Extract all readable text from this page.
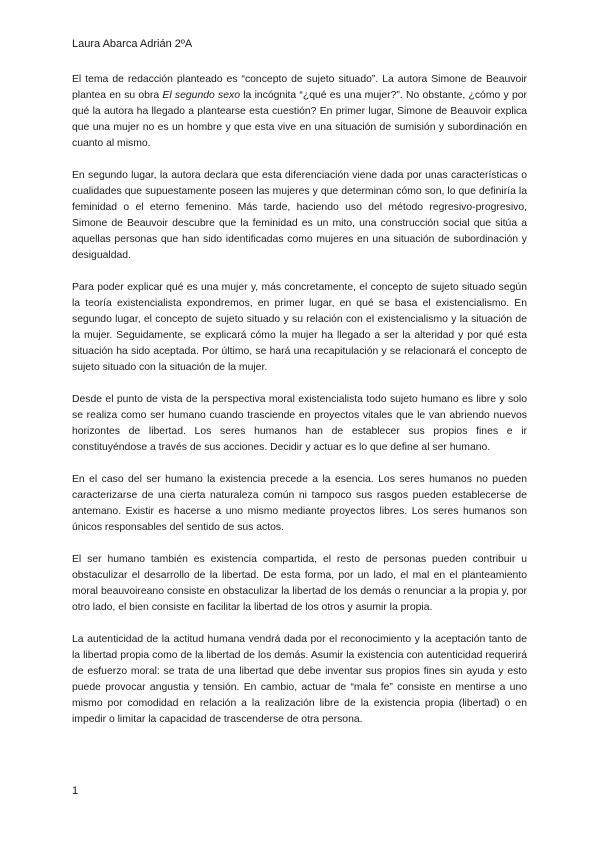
Laura Abarca Adrián 2ºA

El tema de redacción planteado es “concepto de sujeto situado”. La autora Simone de Beauvoir plantea en su obra El segundo sexo la incógnita “¿qué es una mujer?”. No obstante, ¿cómo y por qué la autora ha llegado a plantearse esta cuestión? En primer lugar, Simone de Beauvoir explica que una mujer no es un hombre y que esta vive en una situación de sumisión y subordinación en cuanto al mismo.

En segundo lugar, la autora declara que esta diferenciación viene dada por unas características o cualidades que supuestamente poseen las mujeres y que determinan cómo son, lo que definiría la feminidad o el eterno femenino. Más tarde, haciendo uso del método regresivo-progresivo, Simone de Beauvoir descubre que la feminidad es un mito, una construcción social que sitúa a aquellas personas que han sido identificadas como mujeres en una situación de subordinación y desigualdad.

Para poder explicar qué es una mujer y, más concretamente, el concepto de sujeto situado según la teoría existencialista expondremos, en primer lugar, en qué se basa el existencialismo. En segundo lugar, el concepto de sujeto situado y su relación con el existencialismo y la situación de la mujer. Seguidamente, se explicará cómo la mujer ha llegado a ser la alteridad y por qué esta situación ha sido aceptada. Por último, se hará una recapitulación y se relacionará el concepto de sujeto situado con la situación de la mujer.

Desde el punto de vista de la perspectiva moral existencialista todo sujeto humano es libre y solo se realiza como ser humano cuando trasciende en proyectos vitales que le van abriendo nuevos horizontes de libertad. Los seres humanos han de establecer sus propios fines e ir constituyéndose a través de sus acciones. Decidir y actuar es lo que define al ser humano.

En el caso del ser humano la existencia precede a la esencia. Los seres humanos no pueden caracterizarse de una cierta naturaleza común ni tampoco sus rasgos pueden establecerse de antemano. Existir es hacerse a uno mismo mediante proyectos libres. Los seres humanos son únicos responsables del sentido de sus actos.

El ser humano también es existencia compartida, el resto de personas pueden contribuir u obstaculizar el desarrollo de la libertad. De esta forma, por un lado, el mal en el planteamiento moral beauvoireano consiste en obstaculizar la libertad de los demás o renunciar a la propia y, por otro lado, el bien consiste en facilitar la libertad de los otros y asumir la propia.

La autenticidad de la actitud humana vendrá dada por el reconocimiento y la aceptación tanto de la libertad propia como de la libertad de los demás. Asumir la existencia con autenticidad requerirá de esfuerzo moral: se trata de una libertad que debe inventar sus propios fines sin ayuda y esto puede provocar angustia y tensión. En cambio, actuar de “mala fe” consiste en mentirse a uno mismo por comodidad en relación a la realización libre de la existencia propia (libertad) o en impedir o limitar la capacidad de trascenderse de otra persona.

1
